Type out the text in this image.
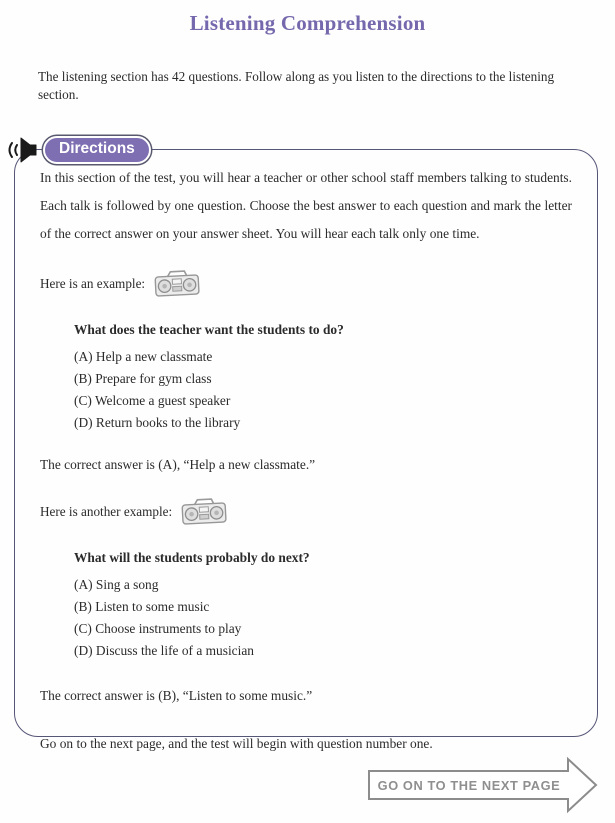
Listening Comprehension

The listening section has 42 questions. Follow along as you listen to the directions to the listening section.

Directions

In this section of the test, you will hear a teacher or other school staff members talking to students. Each talk is followed by one question. Choose the best answer to each question and mark the letter of the correct answer on your answer sheet. You will hear each talk only one time.

Here is an example:
What does the teacher want the students to do?
(A) Help a new classmate
(B) Prepare for gym class
(C) Welcome a guest speaker
(D) Return books to the library

The correct answer is (A), “Help a new classmate.”

Here is another example:
What will the students probably do next?
(A) Sing a song
(B) Listen to some music
(C) Choose instruments to play
(D) Discuss the life of a musician

The correct answer is (B), “Listen to some music.”

Go on to the next page, and the test will begin with question number one.

GO ON TO THE NEXT PAGE
